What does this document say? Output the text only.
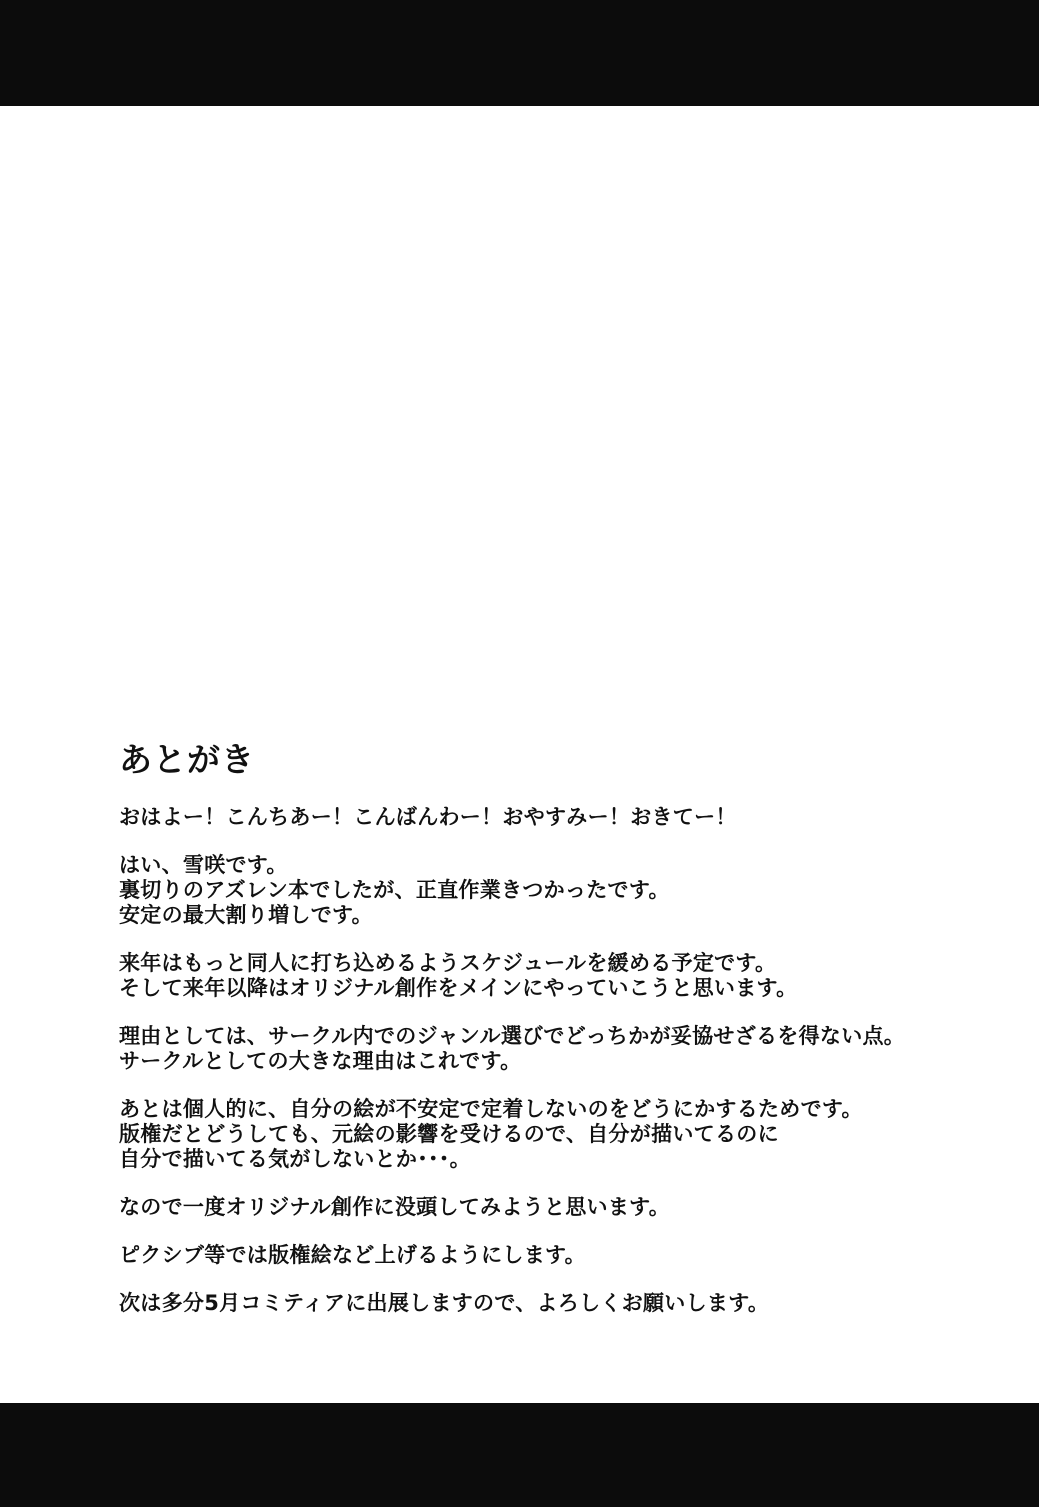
あとがき
おはよー！こんちあー！こんばんわー！おやすみー！おきてー！
はい、雪咲です。
裏切りのアズレン本でしたが、正直作業きつかったです。
安定の最大割り増しです。
来年はもっと同人に打ち込めるようスケジュールを緩める予定です。
そして来年以降はオリジナル創作をメインにやっていこうと思います。
理由としては、サークル内でのジャンル選びでどっちかが妥協せざるを得ない点。
サークルとしての大きな理由はこれです。
あとは個人的に、自分の絵が不安定で定着しないのをどうにかするためです。
版権だとどうしても、元絵の影響を受けるので、自分が描いてるのに
自分で描いてる気がしないとか･･･。
なので一度オリジナル創作に没頭してみようと思います。
ピクシブ等では版権絵など上げるようにします。
次は多分5月コミティアに出展しますので、よろしくお願いします。
